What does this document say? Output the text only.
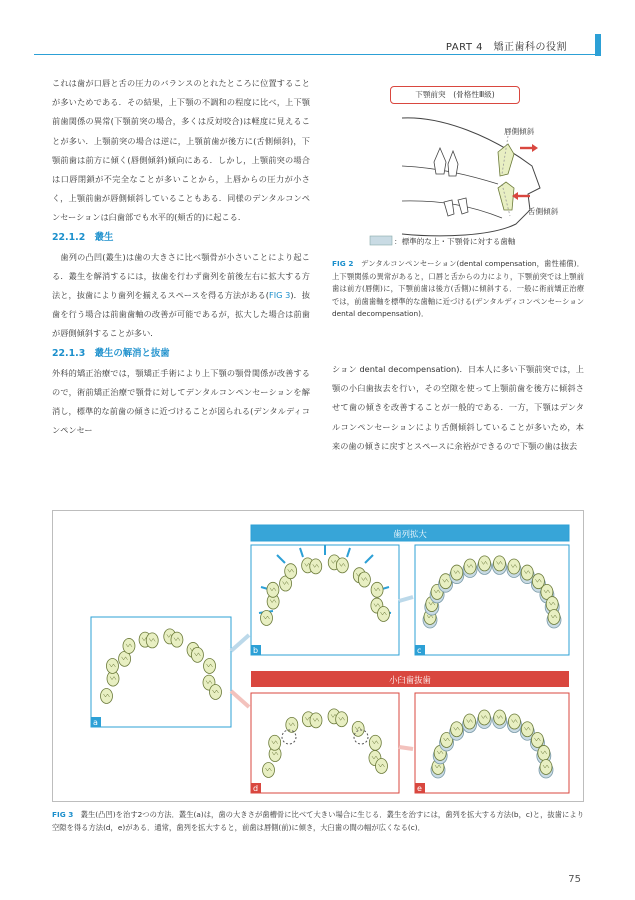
PART 4　矯正歯科の役割

これは歯が口唇と舌の圧力のバランスのとれたところに位置することが多いためである．その結果，上下顎の不調和の程度に比べ，上下顎前歯関係の異常(下顎前突の場合，多くは反対咬合)は軽度に見えることが多い．上顎前突の場合は逆に，上顎前歯が後方に(舌側傾斜)，下顎前歯は前方に傾く(唇側傾斜)傾向にある．しかし，上顎前突の場合は口唇閉鎖が不完全なことが多いことから，上唇からの圧力が小さく，上顎前歯が唇側傾斜していることもある．同様のデンタルコンペンセーションは臼歯部でも水平的(頬舌的)に起こる．

22.1.2　叢生

　歯列の凸凹(叢生)は歯の大きさに比べ顎骨が小さいことにより起こる．叢生を解消するには，抜歯を行わず歯列を前後左右に拡大する方法と，抜歯により歯列を揃えるスペースを得る方法がある(FIG 3)．抜歯を行う場合は前歯歯軸の改善が可能であるが，拡大した場合は前歯が唇側傾斜することが多い．

22.1.3　叢生の解消と抜歯

外科的矯正治療では，顎矯正手術により上下顎の顎骨関係が改善するので，術前矯正治療で顎骨に対してデンタルコンペンセーションを解消し，標準的な前歯の傾きに近づけることが図られる(デンタルディコンペンセー

唇側傾斜
舌側傾斜
：標準的な上・下顎骨に対する歯軸
下顎前突　(骨格性Ⅲ級)
FIG 2　 デンタルコンペンセーション(dental compensation，歯性補償)．上下顎関係の異常があると，口唇と舌からの力により，下顎前突では上顎前歯は前方(唇側)に，下顎前歯は後方(舌側)に傾斜する．一般に術前矯正治療では，前歯歯軸を標準的な歯軸に近づける(デンタルディコンペンセーション dental decompensation)．

ション dental decompensation)．日本人に多い下顎前突では，上顎の小臼歯抜去を行い，その空隙を使って上顎前歯を後方に傾斜させて歯の傾きを改善することが一般的である．一方，下顎はデンタルコンペンセーションにより舌側傾斜していることが多いため，本来の歯の傾きに戻すとスペースに余裕ができるので下顎の歯は抜去

歯列拡大
小臼歯抜歯
a
b	c
d	e
FIG 3　 叢生(凸凹)を治す2つの方法．叢生(a)は，歯の大きさが歯槽骨に比べて大きい場合に生じる．叢生を治すには，歯列を拡大する方法(b，c)と，抜歯により空隙を得る方法(d，e)がある．通常，歯列を拡大すると，前歯は唇側(前)に傾き，大臼歯の間の幅が広くなる(c)．
75
